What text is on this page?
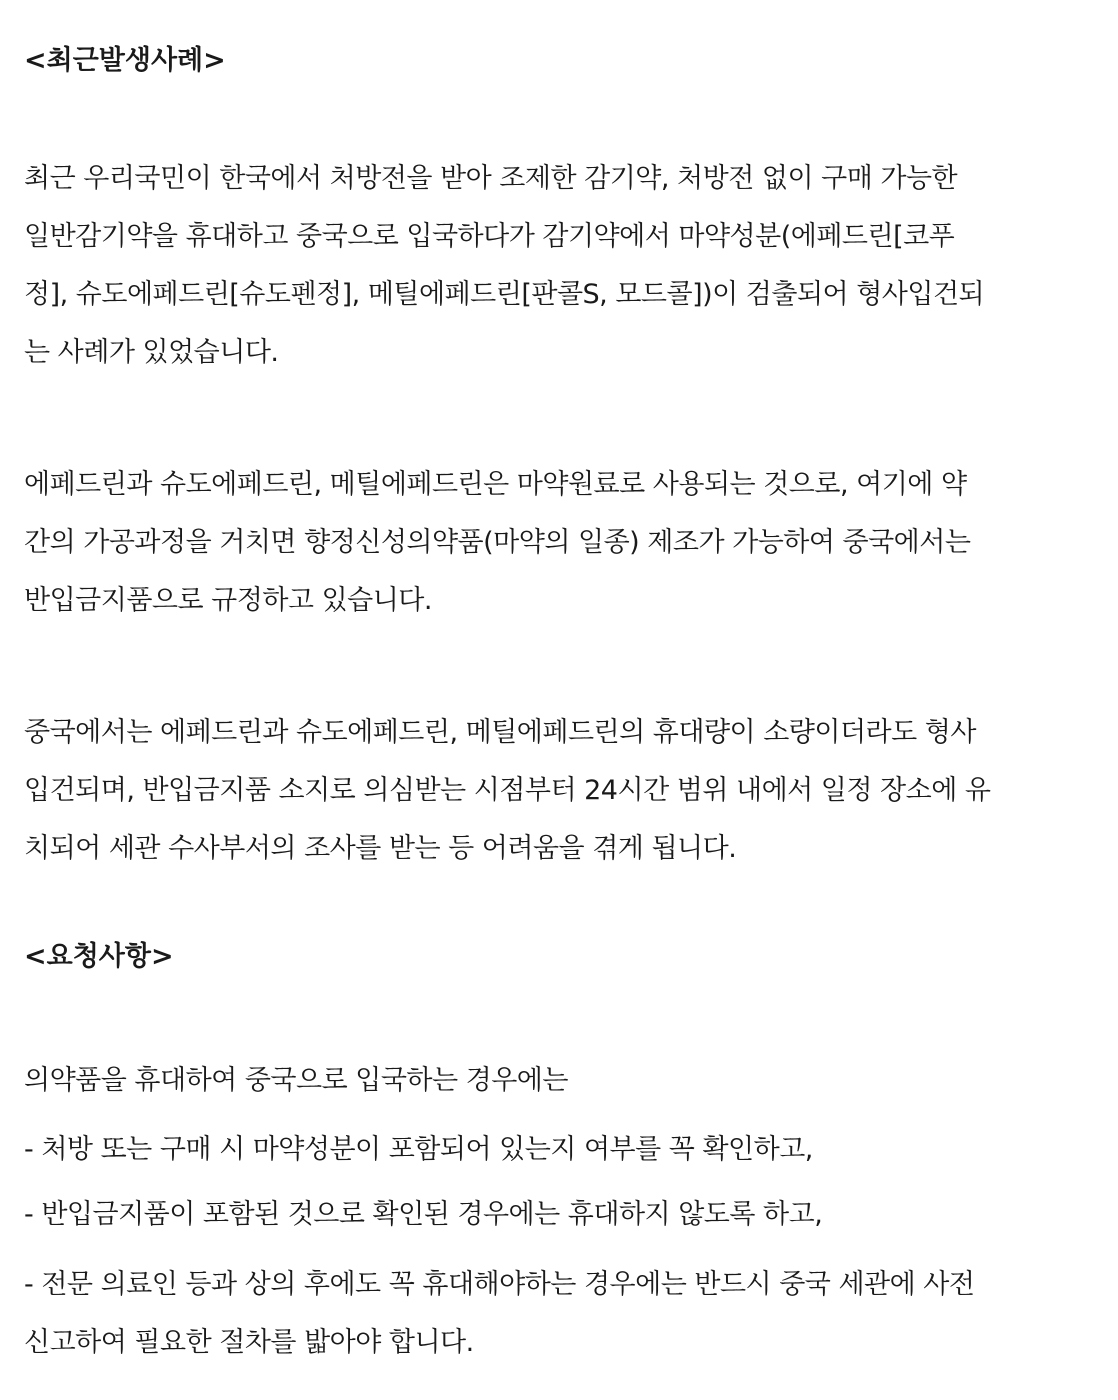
<최근발생사례>

최근 우리국민이 한국에서 처방전을 받아 조제한 감기약, 처방전 없이 구매 가능한
일반감기약을 휴대하고 중국으로 입국하다가 감기약에서 마약성분(에페드린[코푸
정], 슈도에페드린[슈도펜정], 메틸에페드린[판콜S, 모드콜])이 검출되어 형사입건되
는 사례가 있었습니다.

에페드린과 슈도에페드린, 메틸에페드린은 마약원료로 사용되는 것으로, 여기에 약
간의 가공과정을 거치면 향정신성의약품(마약의 일종) 제조가 가능하여 중국에서는
반입금지품으로 규정하고 있습니다.

중국에서는 에페드린과 슈도에페드린, 메틸에페드린의 휴대량이 소량이더라도 형사
입건되며, 반입금지품 소지로 의심받는 시점부터 24시간 범위 내에서 일정 장소에 유
치되어 세관 수사부서의 조사를 받는 등 어려움을 겪게 됩니다.

<요청사항>
의약품을 휴대하여 중국으로 입국하는 경우에는
- 처방 또는 구매 시 마약성분이 포함되어 있는지 여부를 꼭 확인하고,
- 반입금지품이 포함된 것으로 확인된 경우에는 휴대하지 않도록 하고,

- 전문 의료인 등과 상의 후에도 꼭 휴대해야하는 경우에는 반드시 중국 세관에 사전
신고하여 필요한 절차를 밟아야 합니다.
